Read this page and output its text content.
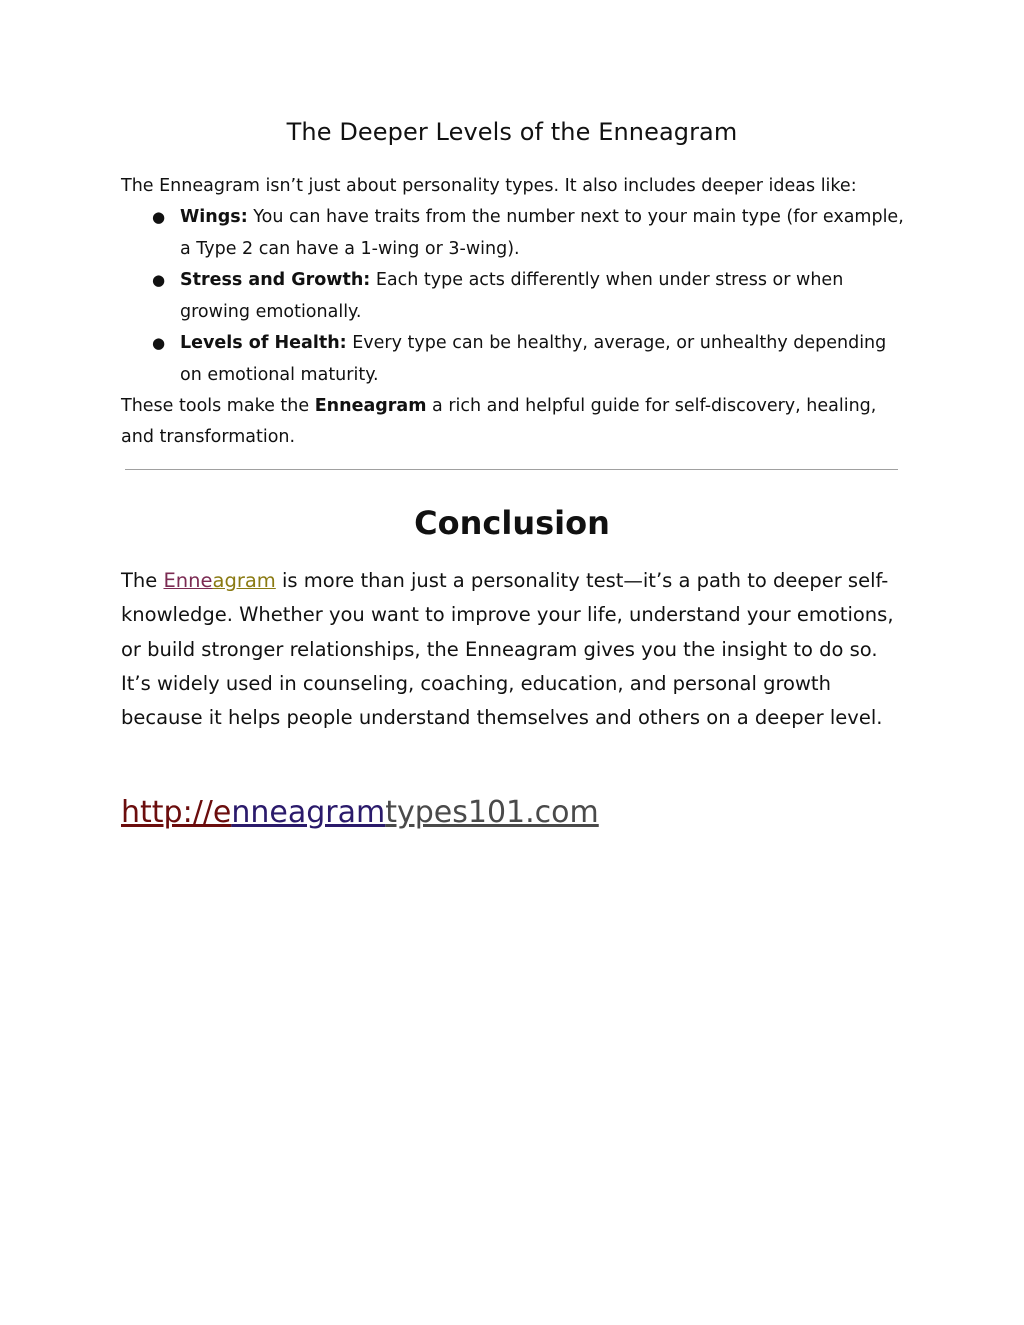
The Deeper Levels of the Enneagram

The Enneagram isn’t just about personality types. It also includes deeper ideas like:

● Wings: You can have traits from the number next to your main type (for example, a Type 2 can have a 1-wing or 3-wing).
● Stress and Growth: Each type acts differently when under stress or when growing emotionally.
● Levels of Health: Every type can be healthy, average, or unhealthy depending on emotional maturity.

These tools make the Enneagram a rich and helpful guide for self-discovery, healing, and transformation.

Conclusion

The Enneagram is more than just a personality test—it’s a path to deeper self-knowledge. Whether you want to improve your life, understand your emotions, or build stronger relationships, the Enneagram gives you the insight to do so. It’s widely used in counseling, coaching, education, and personal growth because it helps people understand themselves and others on a deeper level.

http://enneagramtypes101.com
